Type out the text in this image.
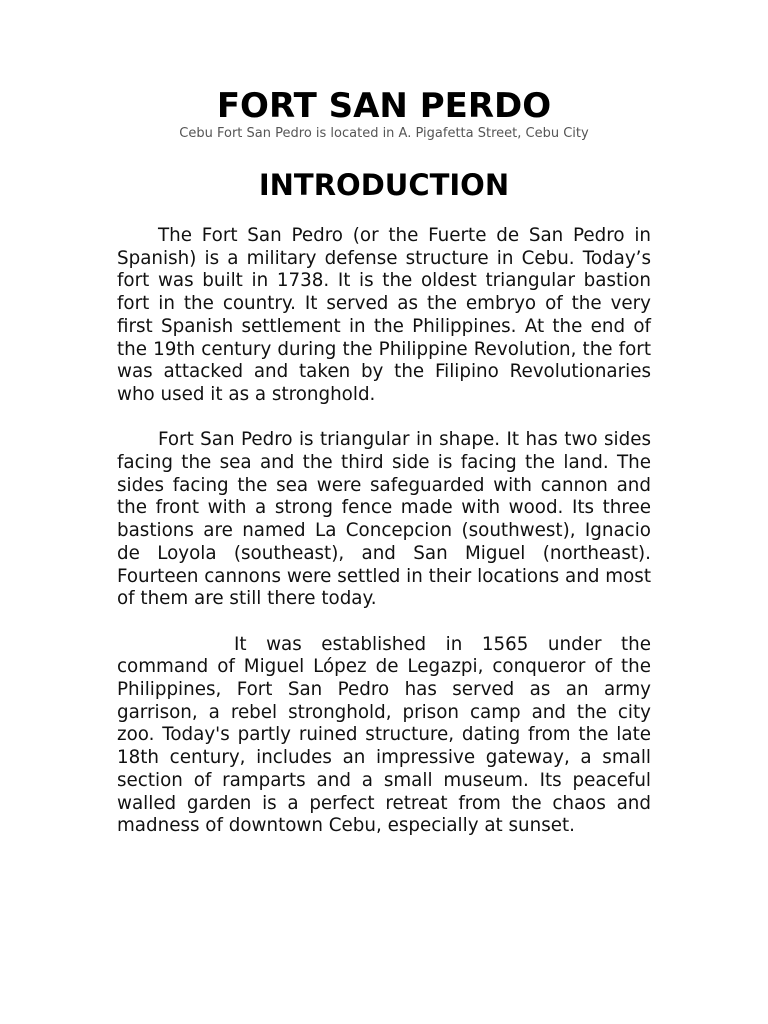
FORT SAN PERDO

Cebu Fort San Pedro is located in A. Pigafetta Street, Cebu City

INTRODUCTION

The Fort San Pedro (or the Fuerte de San Pedro in Spanish) is a military defense structure in Cebu. Today’s fort was built in 1738. It is the oldest triangular bastion fort in the country. It served as the embryo of the very first Spanish settlement in the Philippines. At the end of the 19th century during the Philippine Revolution, the fort was attacked and taken by the Filipino Revolutionaries who used it as a stronghold.

Fort San Pedro is triangular in shape. It has two sides facing the sea and the third side is facing the land. The sides facing the sea were safeguarded with cannon and the front with a strong fence made with wood. Its three bastions are named La Concepcion (southwest), Ignacio de Loyola (southeast), and San Miguel (northeast). Fourteen cannons were settled in their locations and most of them are still there today.

It was established in 1565 under the command of Miguel López de Legazpi, conqueror of the Philippines, Fort San Pedro has served as an army garrison, a rebel stronghold, prison camp and the city zoo. Today's partly ruined structure, dating from the late 18th century, includes an impressive gateway, a small section of ramparts and a small museum. Its peaceful walled garden is a perfect retreat from the chaos and madness of downtown Cebu, especially at sunset.
